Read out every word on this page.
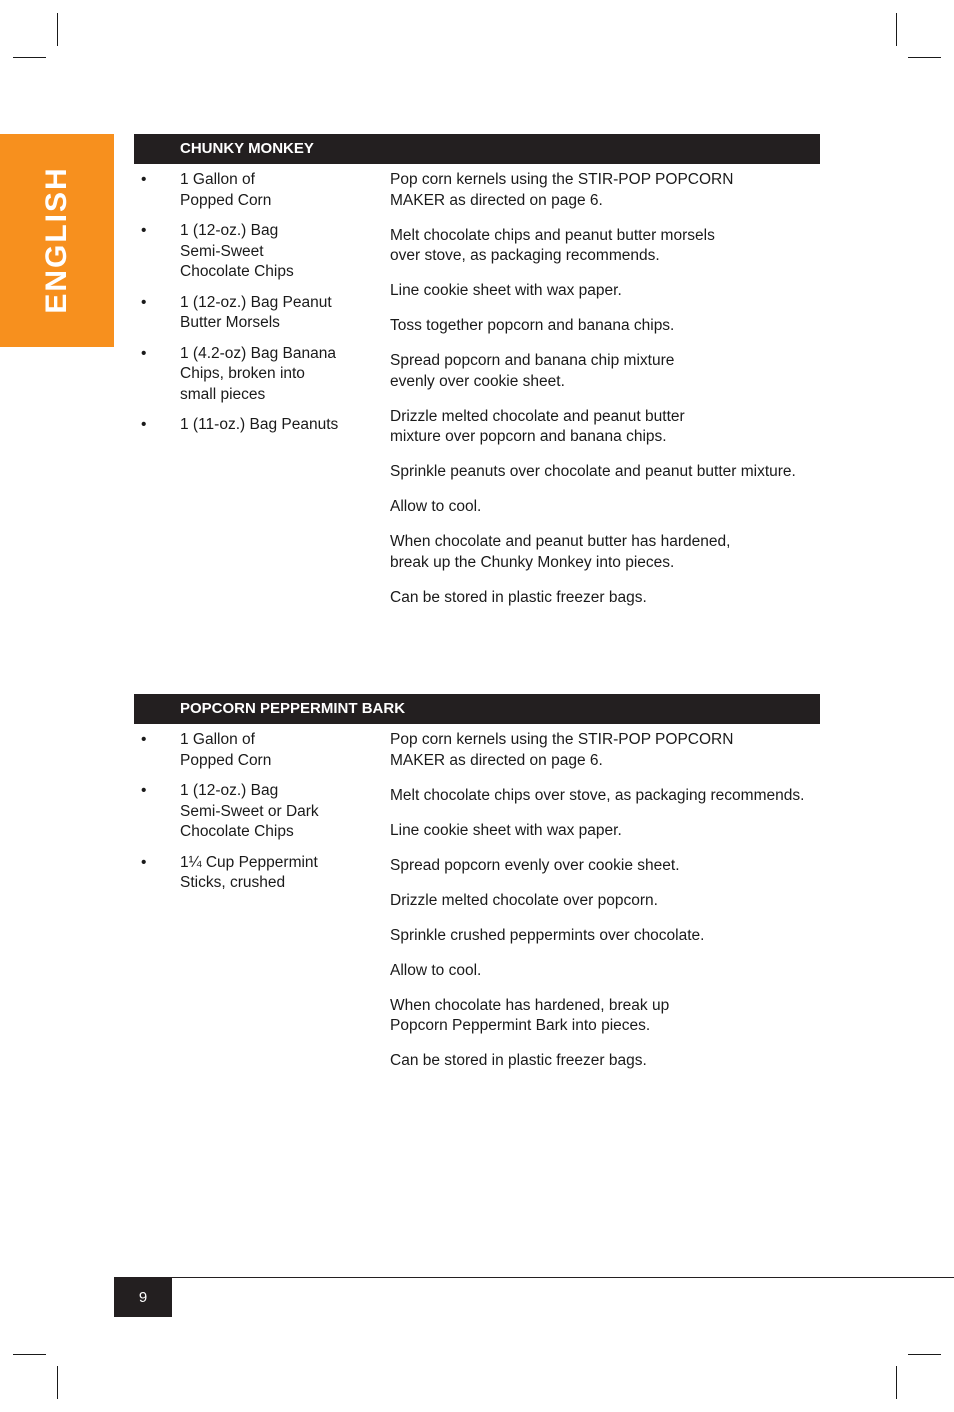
ENGLISH
CHUNKY MONKEY
• 1 Gallon of
Popped Corn
• 1 (12-oz.) Bag
Semi-Sweet
Chocolate Chips
• 1 (12-oz.) Bag Peanut
Butter Morsels
• 1 (4.2-oz) Bag Banana
Chips, broken into
small pieces
• 1 (11-oz.) Bag Peanuts

Pop corn kernels using the STIR-POP POPCORN
MAKER as directed on page 6.

Melt chocolate chips and peanut butter morsels
over stove, as packaging recommends.

Line cookie sheet with wax paper.

Toss together popcorn and banana chips.

Spread popcorn and banana chip mixture
evenly over cookie sheet.

Drizzle melted chocolate and peanut butter
mixture over popcorn and banana chips.

Sprinkle peanuts over chocolate and peanut butter mixture.

Allow to cool.

When chocolate and peanut butter has hardened,
break up the Chunky Monkey into pieces.

Can be stored in plastic freezer bags.

POPCORN PEPPERMINT BARK
• 1 Gallon of
Popped Corn
• 1 (12-oz.) Bag
Semi-Sweet or Dark
Chocolate Chips
• 1¼ Cup Peppermint
Sticks, crushed

Pop corn kernels using the STIR-POP POPCORN
MAKER as directed on page 6.

Melt chocolate chips over stove, as packaging recommends.

Line cookie sheet with wax paper.

Spread popcorn evenly over cookie sheet.

Drizzle melted chocolate over popcorn.

Sprinkle crushed peppermints over chocolate.

Allow to cool.

When chocolate has hardened, break up
Popcorn Peppermint Bark into pieces.

Can be stored in plastic freezer bags.

9
